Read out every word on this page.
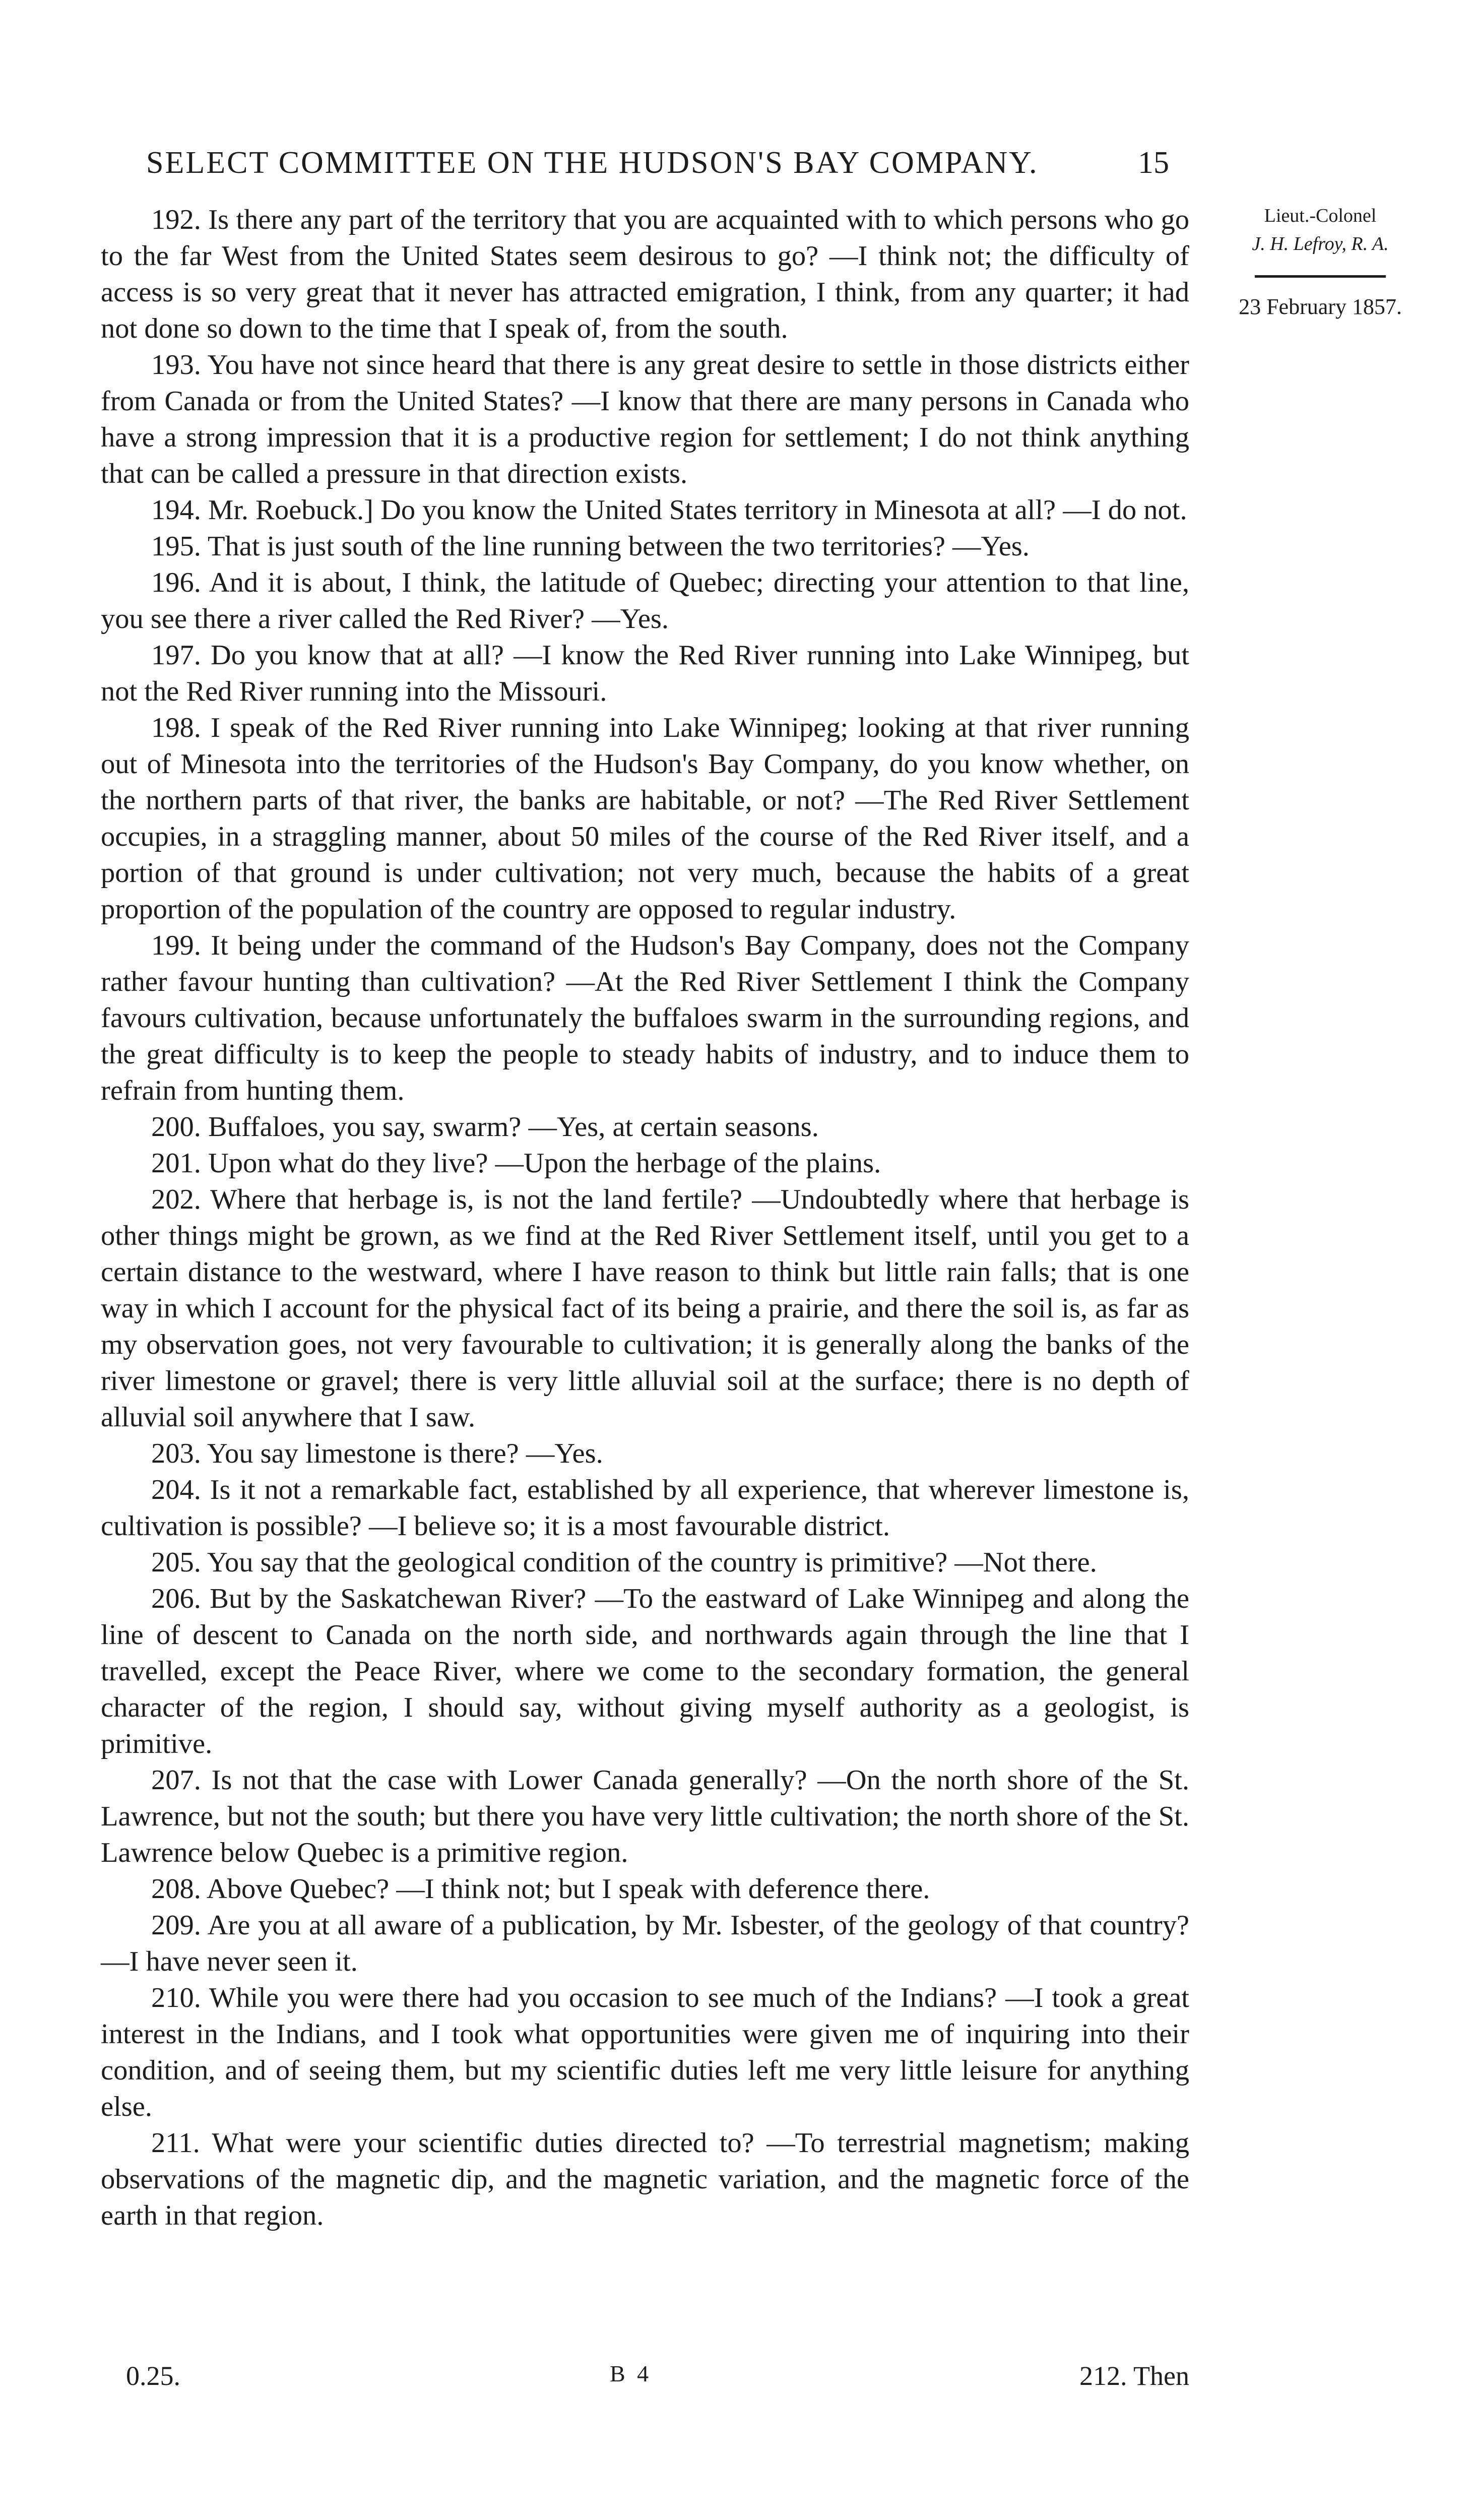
SELECT COMMITTEE ON THE HUDSON'S BAY COMPANY.	15
Lieut.-Colonel
J. H. Lefroy, R. A.
23 February 1857.

192. Is there any part of the territory that you are acquainted with to which persons who go to the far West from the United States seem desirous to go? —I think not; the difficulty of access is so very great that it never has attracted emigration, I think, from any quarter; it had not done so down to the time that I speak of, from the south.

193. You have not since heard that there is any great desire to settle in those districts either from Canada or from the United States? —I know that there are many persons in Canada who have a strong impression that it is a productive region for settlement; I do not think anything that can be called a pressure in that direction exists.

194. Mr. Roebuck.] Do you know the United States territory in Minesota at all? —I do not.

195. That is just south of the line running between the two territories? —Yes.

196. And it is about, I think, the latitude of Quebec; directing your attention to that line, you see there a river called the Red River? —Yes.

197. Do you know that at all? —I know the Red River running into Lake Winnipeg, but not the Red River running into the Missouri.

198. I speak of the Red River running into Lake Winnipeg; looking at that river running out of Minesota into the territories of the Hudson's Bay Company, do you know whether, on the northern parts of that river, the banks are habitable, or not? —The Red River Settlement occupies, in a straggling manner, about 50 miles of the course of the Red River itself, and a portion of that ground is under cultivation; not very much, because the habits of a great proportion of the population of the country are opposed to regular industry.

199. It being under the command of the Hudson's Bay Company, does not the Company rather favour hunting than cultivation? —At the Red River Settlement I think the Company favours cultivation, because unfortunately the buffaloes swarm in the surrounding regions, and the great difficulty is to keep the people to steady habits of industry, and to induce them to refrain from hunting them.

200. Buffaloes, you say, swarm? —Yes, at certain seasons.

201. Upon what do they live? —Upon the herbage of the plains.

202. Where that herbage is, is not the land fertile? —Undoubtedly where that herbage is other things might be grown, as we find at the Red River Settlement itself, until you get to a certain distance to the westward, where I have reason to think but little rain falls; that is one way in which I account for the physical fact of its being a prairie, and there the soil is, as far as my observation goes, not very favourable to cultivation; it is generally along the banks of the river limestone or gravel; there is very little alluvial soil at the surface; there is no depth of alluvial soil anywhere that I saw.

203. You say limestone is there? —Yes.

204. Is it not a remarkable fact, established by all experience, that wherever limestone is, cultivation is possible? —I believe so; it is a most favourable district.

205. You say that the geological condition of the country is primitive? —Not there.

206. But by the Saskatchewan River? —To the eastward of Lake Winnipeg and along the line of descent to Canada on the north side, and northwards again through the line that I travelled, except the Peace River, where we come to the secondary formation, the general character of the region, I should say, without giving myself authority as a geologist, is primitive.

207. Is not that the case with Lower Canada generally? —On the north shore of the St. Lawrence, but not the south; but there you have very little cultivation; the north shore of the St. Lawrence below Quebec is a primitive region.

208. Above Quebec? —I think not; but I speak with deference there.

209. Are you at all aware of a publication, by Mr. Isbester, of the geology of that country? —I have never seen it.

210. While you were there had you occasion to see much of the Indians? —I took a great interest in the Indians, and I took what opportunities were given me of inquiring into their condition, and of seeing them, but my scientific duties left me very little leisure for anything else.

211. What were your scientific duties directed to? —To terrestrial magnetism; making observations of the magnetic dip, and the magnetic variation, and the magnetic force of the earth in that region.

0.25.	B 4	212. Then
